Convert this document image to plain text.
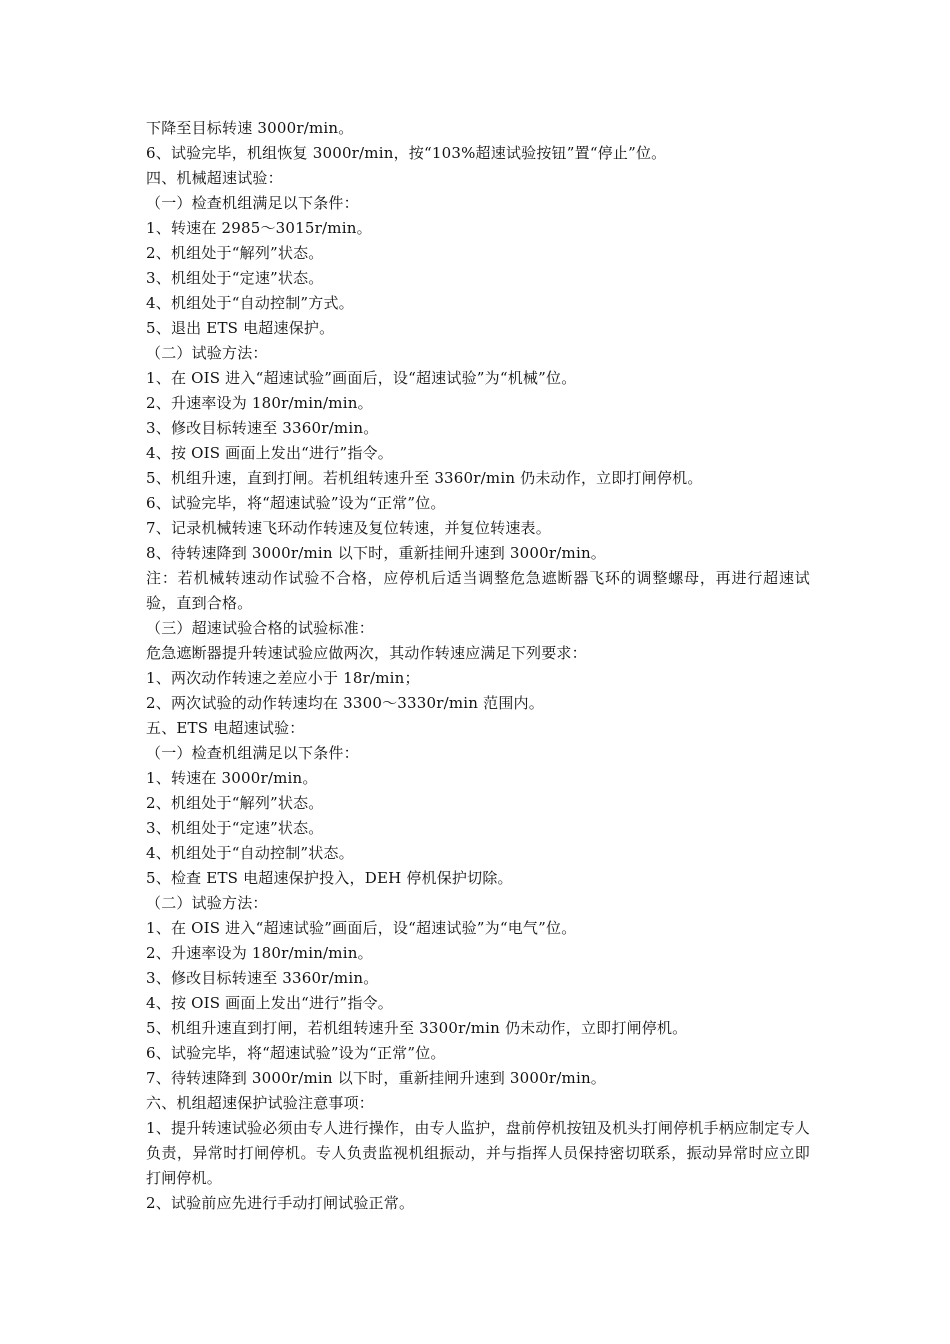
下降至目标转速 3000r/min。

6、试验完毕，机组恢复 3000r/min，按“103%超速试验按钮”置“停止”位。

四、机械超速试验：

（一）检查机组满足以下条件：

1、转速在 2985～3015r/min。

2、机组处于“解列”状态。

3、机组处于“定速”状态。

4、机组处于“自动控制”方式。

5、退出 ETS 电超速保护。

（二）试验方法：

1、在 OIS 进入“超速试验”画面后，设“超速试验”为“机械”位。

2、升速率设为 180r/min/min。

3、修改目标转速至 3360r/min。

4、按 OIS 画面上发出“进行”指令。

5、机组升速，直到打闸。若机组转速升至 3360r/min 仍未动作，立即打闸停机。

6、试验完毕，将“超速试验”设为“正常”位。

7、记录机械转速飞环动作转速及复位转速，并复位转速表。

8、待转速降到 3000r/min 以下时，重新挂闸升速到 3000r/min。

注：若机械转速动作试验不合格，应停机后适当调整危急遮断器飞环的调整螺母，再进行超速试验，直到合格。

（三）超速试验合格的试验标准：

危急遮断器提升转速试验应做两次，其动作转速应满足下列要求：

1、两次动作转速之差应小于 18r/min；

2、两次试验的动作转速均在 3300～3330r/min 范围内。

五、ETS 电超速试验：

（一）检查机组满足以下条件：

1、转速在 3000r/min。

2、机组处于“解列”状态。

3、机组处于“定速”状态。

4、机组处于“自动控制”状态。

5、检查 ETS 电超速保护投入，DEH 停机保护切除。

（二）试验方法：

1、在 OIS 进入“超速试验”画面后，设“超速试验”为“电气”位。

2、升速率设为 180r/min/min。

3、修改目标转速至 3360r/min。

4、按 OIS 画面上发出“进行”指令。

5、机组升速直到打闸，若机组转速升至 3300r/min 仍未动作，立即打闸停机。

6、试验完毕，将“超速试验”设为“正常”位。

7、待转速降到 3000r/min 以下时，重新挂闸升速到 3000r/min。

六、机组超速保护试验注意事项：

1、提升转速试验必须由专人进行操作，由专人监护，盘前停机按钮及机头打闸停机手柄应制定专人负责，异常时打闸停机。专人负责监视机组振动，并与指挥人员保持密切联系，振动异常时应立即打闸停机。

2、试验前应先进行手动打闸试验正常。
